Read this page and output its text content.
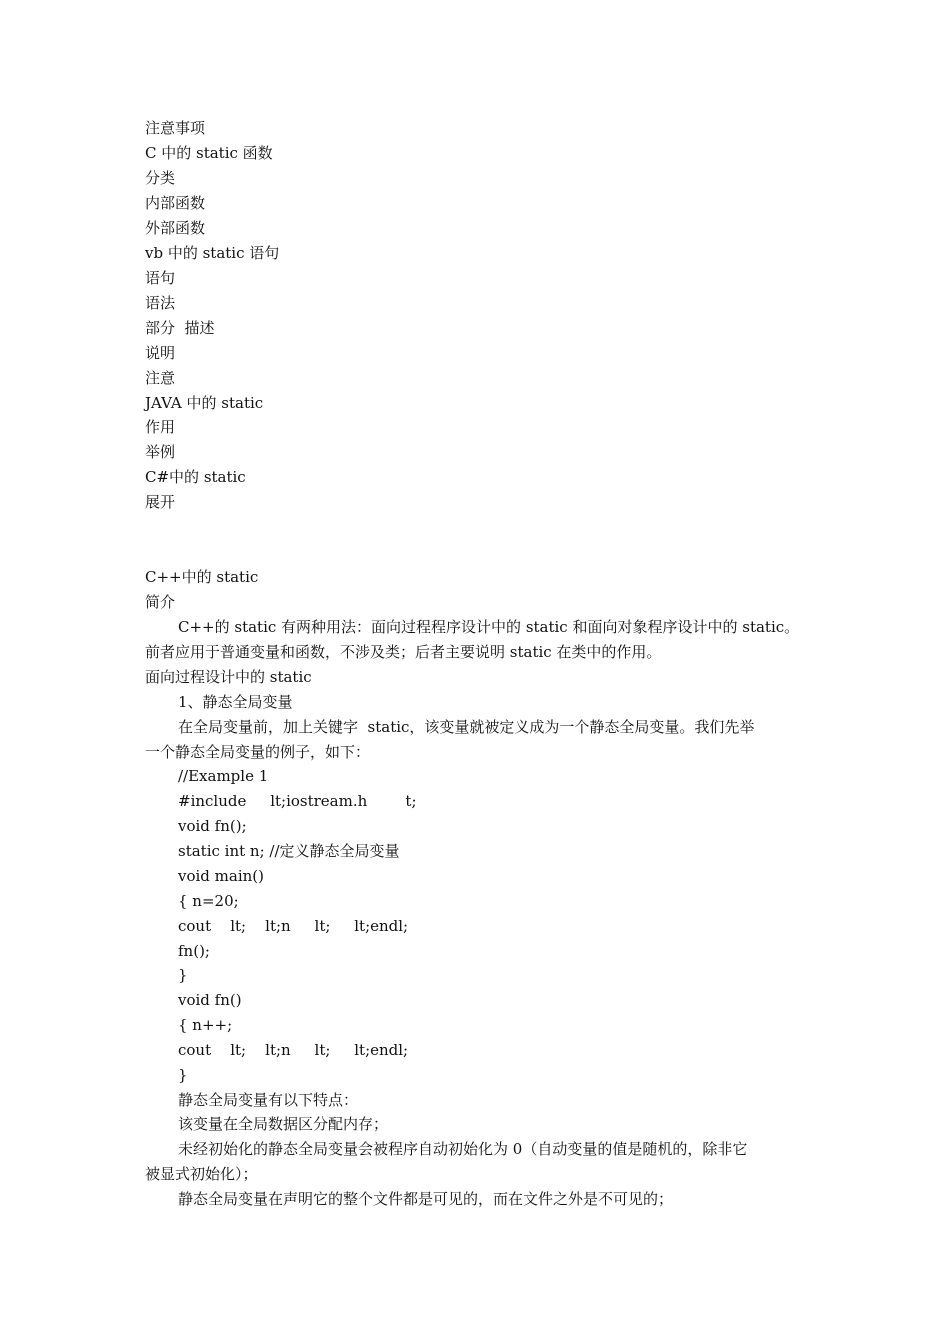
注意事项
C 中的 static 函数
分类
内部函数
外部函数
vb 中的 static 语句
语句
语法
部分  描述
说明
注意
JAVA 中的 static
作用
举例
C#中的 static
展开
C++中的 static
简介
C++的 static 有两种用法：面向过程程序设计中的 static 和面向对象程序设计中的 static。
前者应用于普通变量和函数，不涉及类；后者主要说明 static 在类中的作用。
面向过程设计中的 static
1、静态全局变量
在全局变量前，加上关键字  static，该变量就被定义成为一个静态全局变量。我们先举
一个静态全局变量的例子，如下：
//Example 1
#include     lt;iostream.h        t;
void fn();
static int n; //定义静态全局变量
void main()
{ n=20;
cout    lt;    lt;n     lt;     lt;endl;
fn();
}
void fn()
{ n++;
cout    lt;    lt;n     lt;     lt;endl;
}
静态全局变量有以下特点：
该变量在全局数据区分配内存；
未经初始化的静态全局变量会被程序自动初始化为 0（自动变量的值是随机的，除非它
被显式初始化）；
静态全局变量在声明它的整个文件都是可见的，而在文件之外是不可见的；
